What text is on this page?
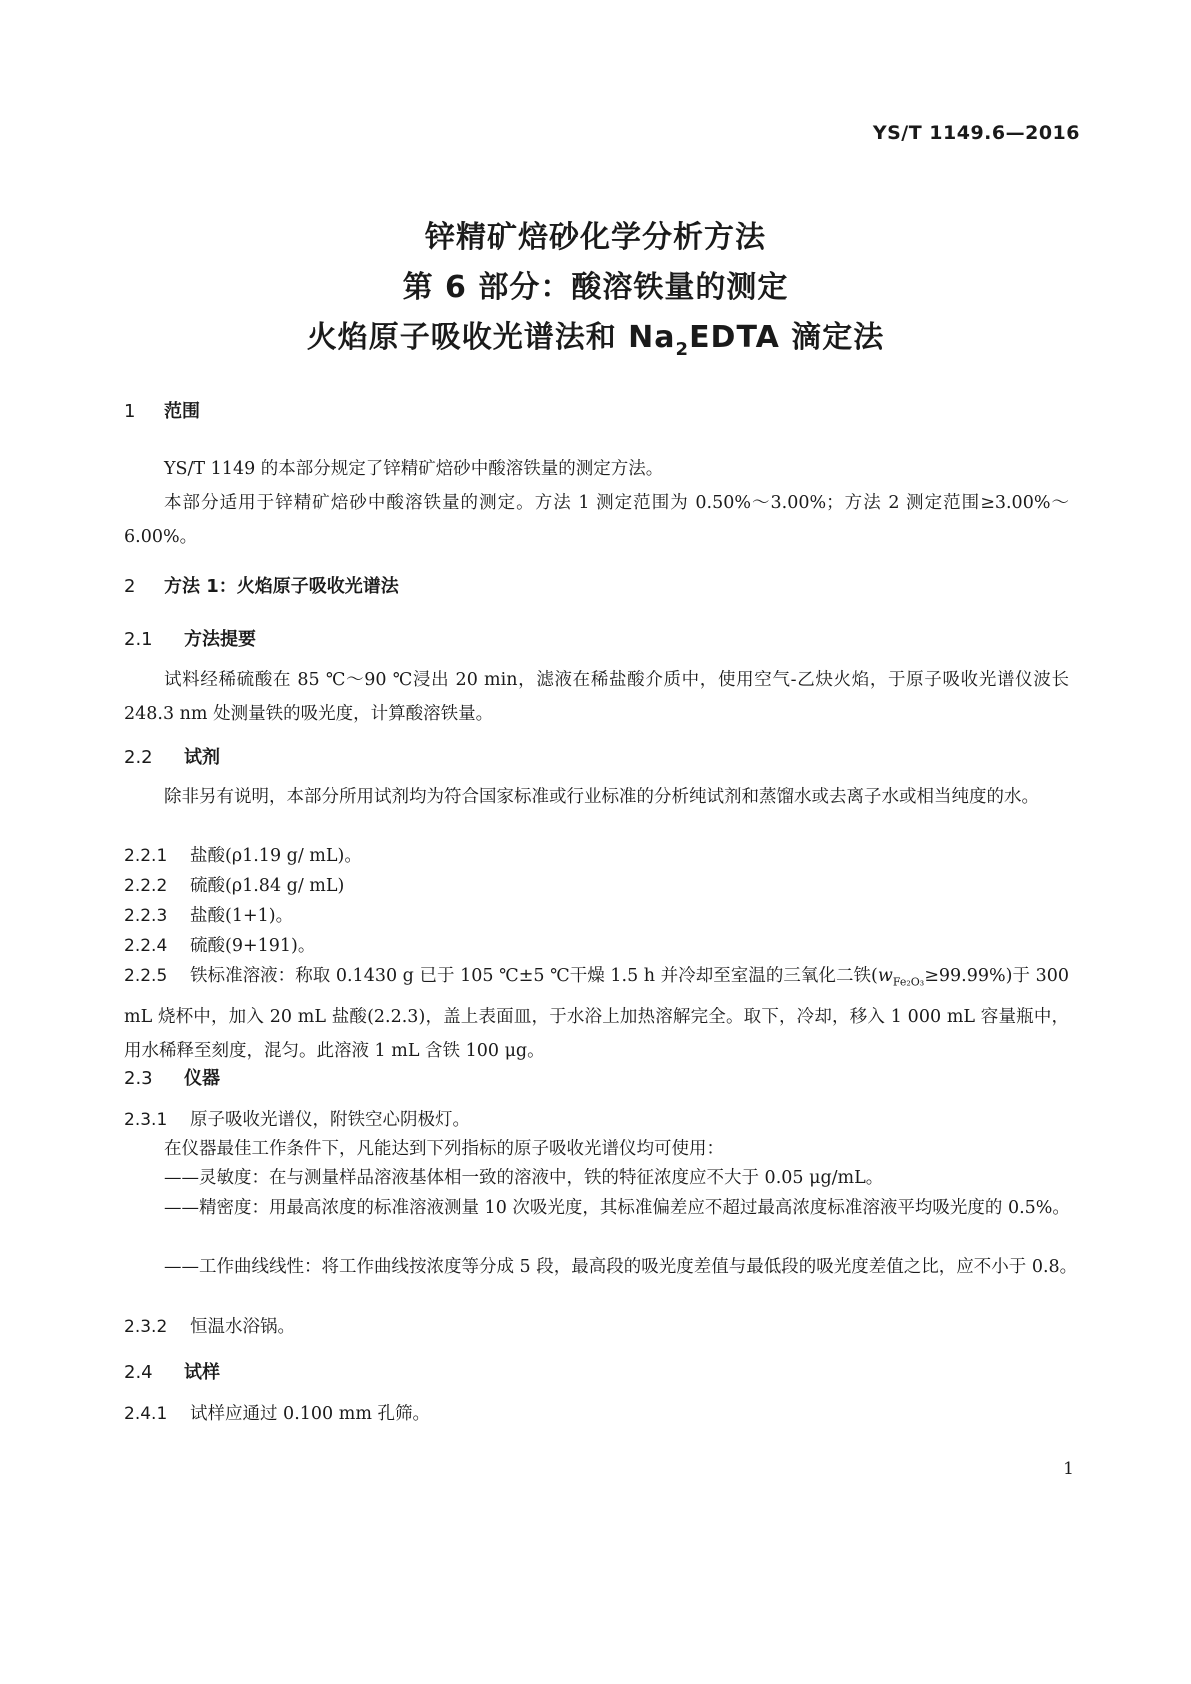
YS/T 1149.6—2016
锌精矿焙砂化学分析方法
第 6 部分：酸溶铁量的测定
火焰原子吸收光谱法和 $Na_2EDTA$ 滴定法
1 范围
YS/T 1149 的本部分规定了锌精矿焙砂中酸溶铁量的测定方法。
本部分适用于锌精矿焙砂中酸溶铁量的测定。方法 1 测定范围为 0.50%～3.00%；方法 2 测定范围≥3.00%～6.00%。
2 方法 1：火焰原子吸收光谱法
2.1 方法提要
试料经稀硫酸在 85 ℃～90 ℃浸出 20 min，滤液在稀盐酸介质中，使用空气-乙炔火焰，于原子吸收光谱仪波长 248.3 nm 处测量铁的吸光度，计算酸溶铁量。
2.2 试剂
除非另有说明，本部分所用试剂均为符合国家标准或行业标准的分析纯试剂和蒸馏水或去离子水或相当纯度的水。
2.2.1 盐酸(ρ1.19 g/ mL)。
2.2.2 硫酸(ρ1.84 g/ mL)
2.2.3 盐酸(1+1)。
2.2.4 硫酸(9+191)。
2.2.5 铁标准溶液：称取 0.1430 g 已于 105 ℃±5 ℃干燥 1.5 h 并冷却至室温的三氧化二铁$(w_{Fe_2O_3}\ge 99.99\%)$于 300 mL 烧杯中，加入 20 mL 盐酸(2.2.3)，盖上表面皿，于水浴上加热溶解完全。取下，冷却，移入 1 000 mL 容量瓶中，用水稀释至刻度，混匀。此溶液 1 mL 含铁 100 μg。
2.3 仪器
2.3.1 原子吸收光谱仪，附铁空心阴极灯。
在仪器最佳工作条件下，凡能达到下列指标的原子吸收光谱仪均可使用：
——灵敏度：在与测量样品溶液基体相一致的溶液中，铁的特征浓度应不大于 0.05 μg/mL。
——精密度：用最高浓度的标准溶液测量 10 次吸光度，其标准偏差应不超过最高浓度标准溶液平均吸光度的 0.5%。
——工作曲线线性：将工作曲线按浓度等分成 5 段，最高段的吸光度差值与最低段的吸光度差值之比，应不小于 0.8。
2.3.2 恒温水浴锅。
2.4 试样
2.4.1 试样应通过 0.100 mm 孔筛。
1
